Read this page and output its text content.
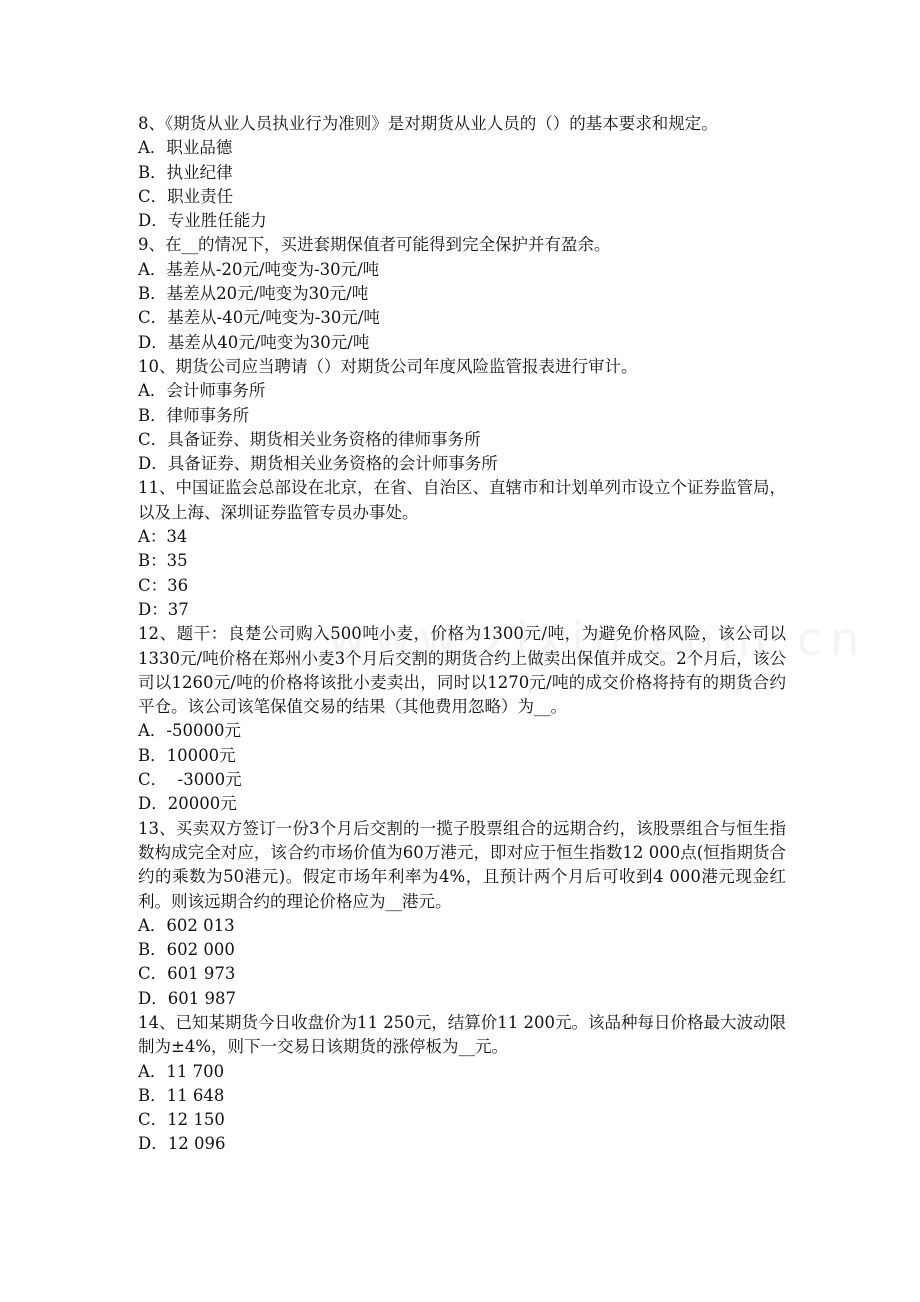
8、《期货从业人员执业行为准则》是对期货从业人员的（）的基本要求和规定。

A．职业品德

B．执业纪律

C．职业责任

D．专业胜任能力

9、在__的情况下，买进套期保值者可能得到完全保护并有盈余。

A．基差从-20元/吨变为-30元/吨

B．基差从20元/吨变为30元/吨

C．基差从-40元/吨变为-30元/吨

D．基差从40元/吨变为30元/吨

10、期货公司应当聘请（）对期货公司年度风险监管报表进行审计。

A．会计师事务所

B．律师事务所

C．具备证券、期货相关业务资格的律师事务所

D．具备证券、期货相关业务资格的会计师事务所

11、中国证监会总部设在北京，在省、自治区、直辖市和计划单列市设立个证券监管局，以及上海、深圳证券监管专员办事处。

A：34

B：35

C：36

D：37

12、题干：良楚公司购入500吨小麦，价格为1300元/吨，为避免价格风险，该公司以1330元/吨价格在郑州小麦3个月后交割的期货合约上做卖出保值并成交。2个月后，该公司以1260元/吨的价格将该批小麦卖出，同时以1270元/吨的成交价格将持有的期货合约平仓。该公司该笔保值交易的结果（其他费用忽略）为__。

A．-50000元

B．10000元

C．  -3000元

D．20000元

13、买卖双方签订一份3个月后交割的一揽子股票组合的远期合约，该股票组合与恒生指数构成完全对应，该合约市场价值为60万港元，即对应于恒生指数12 000点(恒指期货合约的乘数为50港元)。假定市场年利率为4%，且预计两个月后可收到4 000港元现金红利。则该远期合约的理论价格应为__港元。

A．602 013

B．602 000

C．601 973

D．601 987

14、已知某期货今日收盘价为11 250元，结算价11 200元。该品种每日价格最大波动限制为±4%，则下一交易日该期货的涨停板为__元。

A．11 700

B．11 648

C．12 150

D．12 096
